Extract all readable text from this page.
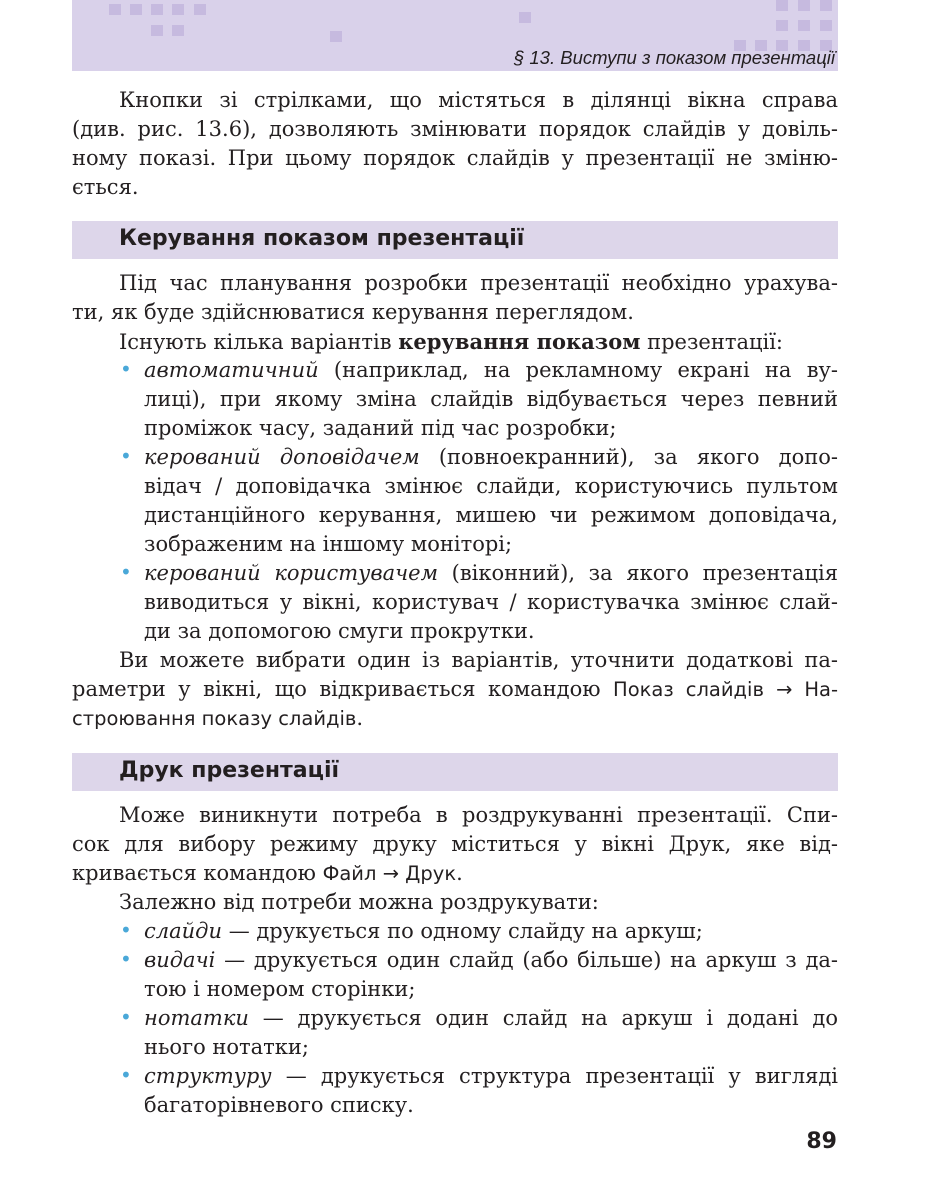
§ 13. Виступи з показом презентації
Кнопки зі стрілками, що містяться в ділянці вікна справа
(див. рис. 13.6), дозволяють змінювати порядок слайдів у довіль-
ному показі. При цьому порядок слайдів у презентації не зміню-
ється.
Керування показом презентації
Під час планування розробки презентації необхідно урахува-
ти, як буде здійснюватися керування переглядом.
Існують кілька варіантів керування показом презентації:
• автоматичний (наприклад, на рекламному екрані на ву-
лиці), при якому зміна слайдів відбувається через певний
проміжок часу, заданий під час розробки;
• керований доповідачем (повноекранний), за якого допо-
відач / доповідачка змінює слайди, користуючись пультом
дистанційного керування, мишею чи режимом доповідача,
зображеним на іншому моніторі;
• керований користувачем (віконний), за якого презентація
виводиться у вікні, користувач / користувачка змінює слай-
ди за допомогою смуги прокрутки.
Ви можете вибрати один із варіантів, уточнити додаткові па-
раметри у вікні, що відкривається командою Показ слайдів → На-
строювання показу слайдів.
Друк презентації
Може виникнути потреба в роздрукуванні презентації. Спи-
сок для вибору режиму друку міститься у вікні Друк, яке від-
кривається командою Файл → Друк.
Залежно від потреби можна роздрукувати:
• слайди — друкується по одному слайду на аркуш;
• видачі — друкується один слайд (або більше) на аркуш з да-
тою і номером сторінки;
• нотатки — друкується один слайд на аркуш і додані до
нього нотатки;
• структуру — друкується структура презентації у вигляді
багаторівневого списку.
89
